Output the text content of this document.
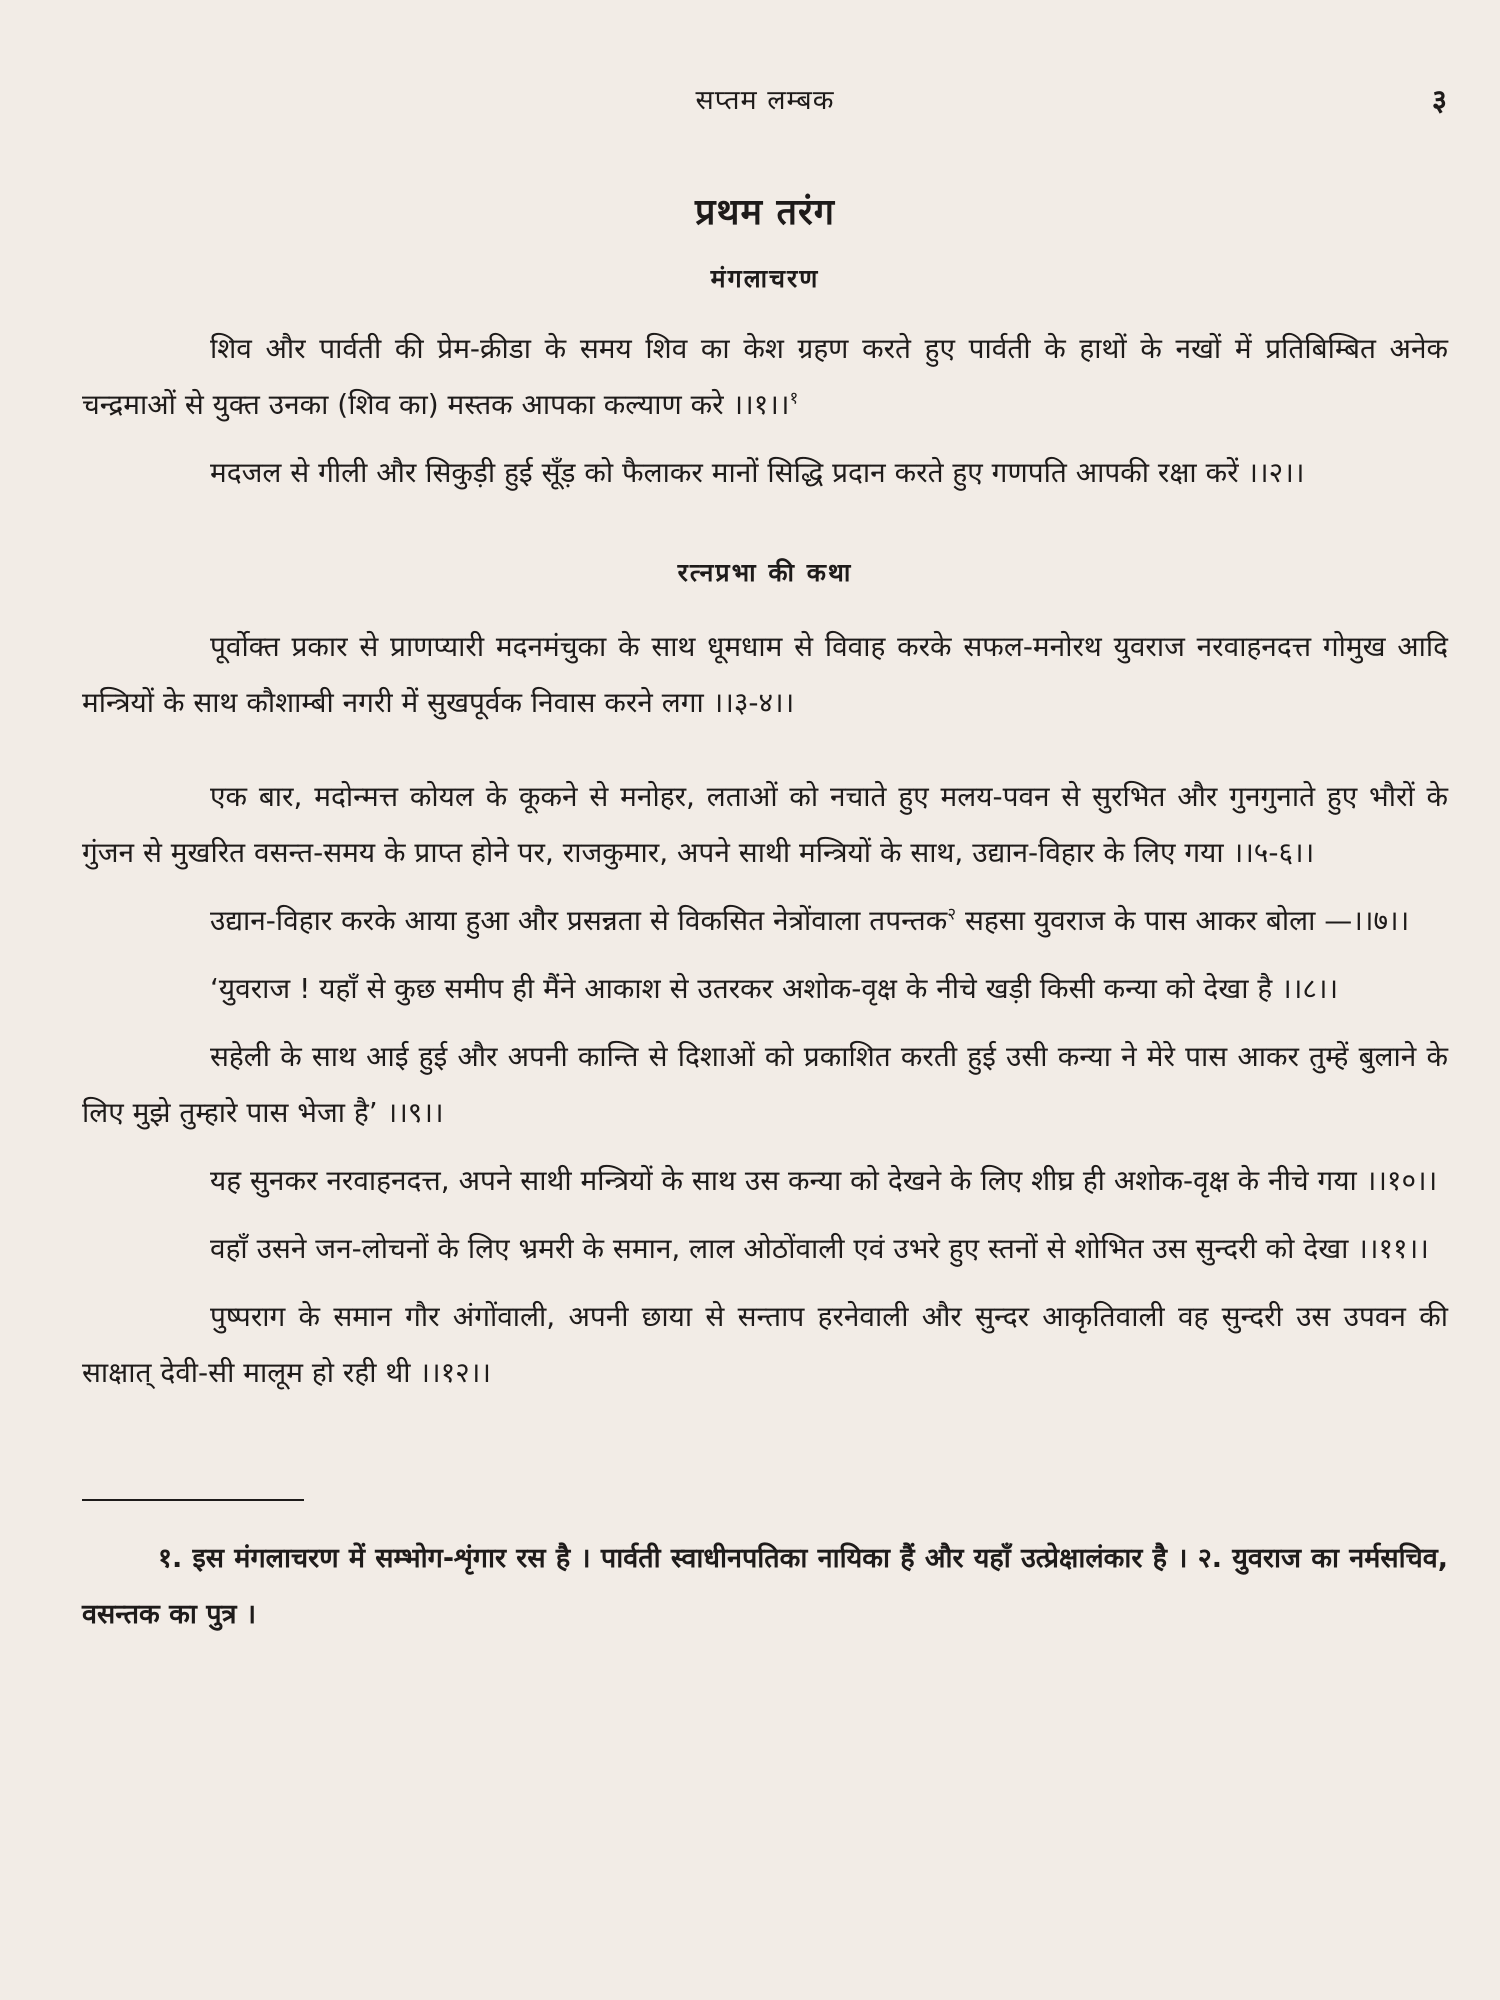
सप्तम लम्बक	३
प्रथम तरंग
मंगलाचरण

शिव और पार्वती की प्रेम-क्रीडा के समय शिव का केश ग्रहण करते हुए पार्वती के हाथों के नखों में प्रतिबिम्बित अनेक चन्द्रमाओं से युक्त उनका (शिव का) मस्तक आपका कल्याण करे ।।१।।$^१$

मदजल से गीली और सिकुड़ी हुई सूँड़ को फैलाकर मानों सिद्धि प्रदान करते हुए गणपति आपकी रक्षा करें ।।२।।

रत्नप्रभा की कथा

पूर्वोक्त प्रकार से प्राणप्यारी मदनमंचुका के साथ धूमधाम से विवाह करके सफल-मनोरथ युवराज नरवाहनदत्त गोमुख आदि मन्त्रियों के साथ कौशाम्बी नगरी में सुखपूर्वक निवास करने लगा ।।३-४।।

एक बार, मदोन्मत्त कोयल के कूकने से मनोहर, लताओं को नचाते हुए मलय-पवन से सुरभित और गुनगुनाते हुए भौरों के गुंजन से मुखरित वसन्त-समय के प्राप्त होने पर, राजकुमार, अपने साथी मन्त्रियों के साथ, उद्यान-विहार के लिए गया ।।५-६।।

उद्यान-विहार करके आया हुआ और प्रसन्नता से विकसित नेत्रोंवाला तपन्तक$^२$ सहसा युवराज के पास आकर बोला —।।७।।

‘युवराज ! यहाँ से कुछ समीप ही मैंने आकाश से उतरकर अशोक-वृक्ष के नीचे खड़ी किसी कन्या को देखा है ।।८।।

सहेली के साथ आई हुई और अपनी कान्ति से दिशाओं को प्रकाशित करती हुई उसी कन्या ने मेरे पास आकर तुम्हें बुलाने के लिए मुझे तुम्हारे पास भेजा है’ ।।९।।

यह सुनकर नरवाहनदत्त, अपने साथी मन्त्रियों के साथ उस कन्या को देखने के लिए शीघ्र ही अशोक-वृक्ष के नीचे गया ।।१०।।

वहाँ उसने जन-लोचनों के लिए भ्रमरी के समान, लाल ओठोंवाली एवं उभरे हुए स्तनों से शोभित उस सुन्दरी को देखा ।।११।।

पुष्पराग के समान गौर अंगोंवाली, अपनी छाया से सन्ताप हरनेवाली और सुन्दर आकृतिवाली वह सुन्दरी उस उपवन की साक्षात् देवी-सी मालूम हो रही थी ।।१२।।

१. इस मंगलाचरण में सम्भोग-शृंगार रस है । पार्वती स्वाधीनपतिका नायिका हैं और यहाँ उत्प्रेक्षालंकार है । २. युवराज का नर्मसचिव, वसन्तक का पुत्र ।
